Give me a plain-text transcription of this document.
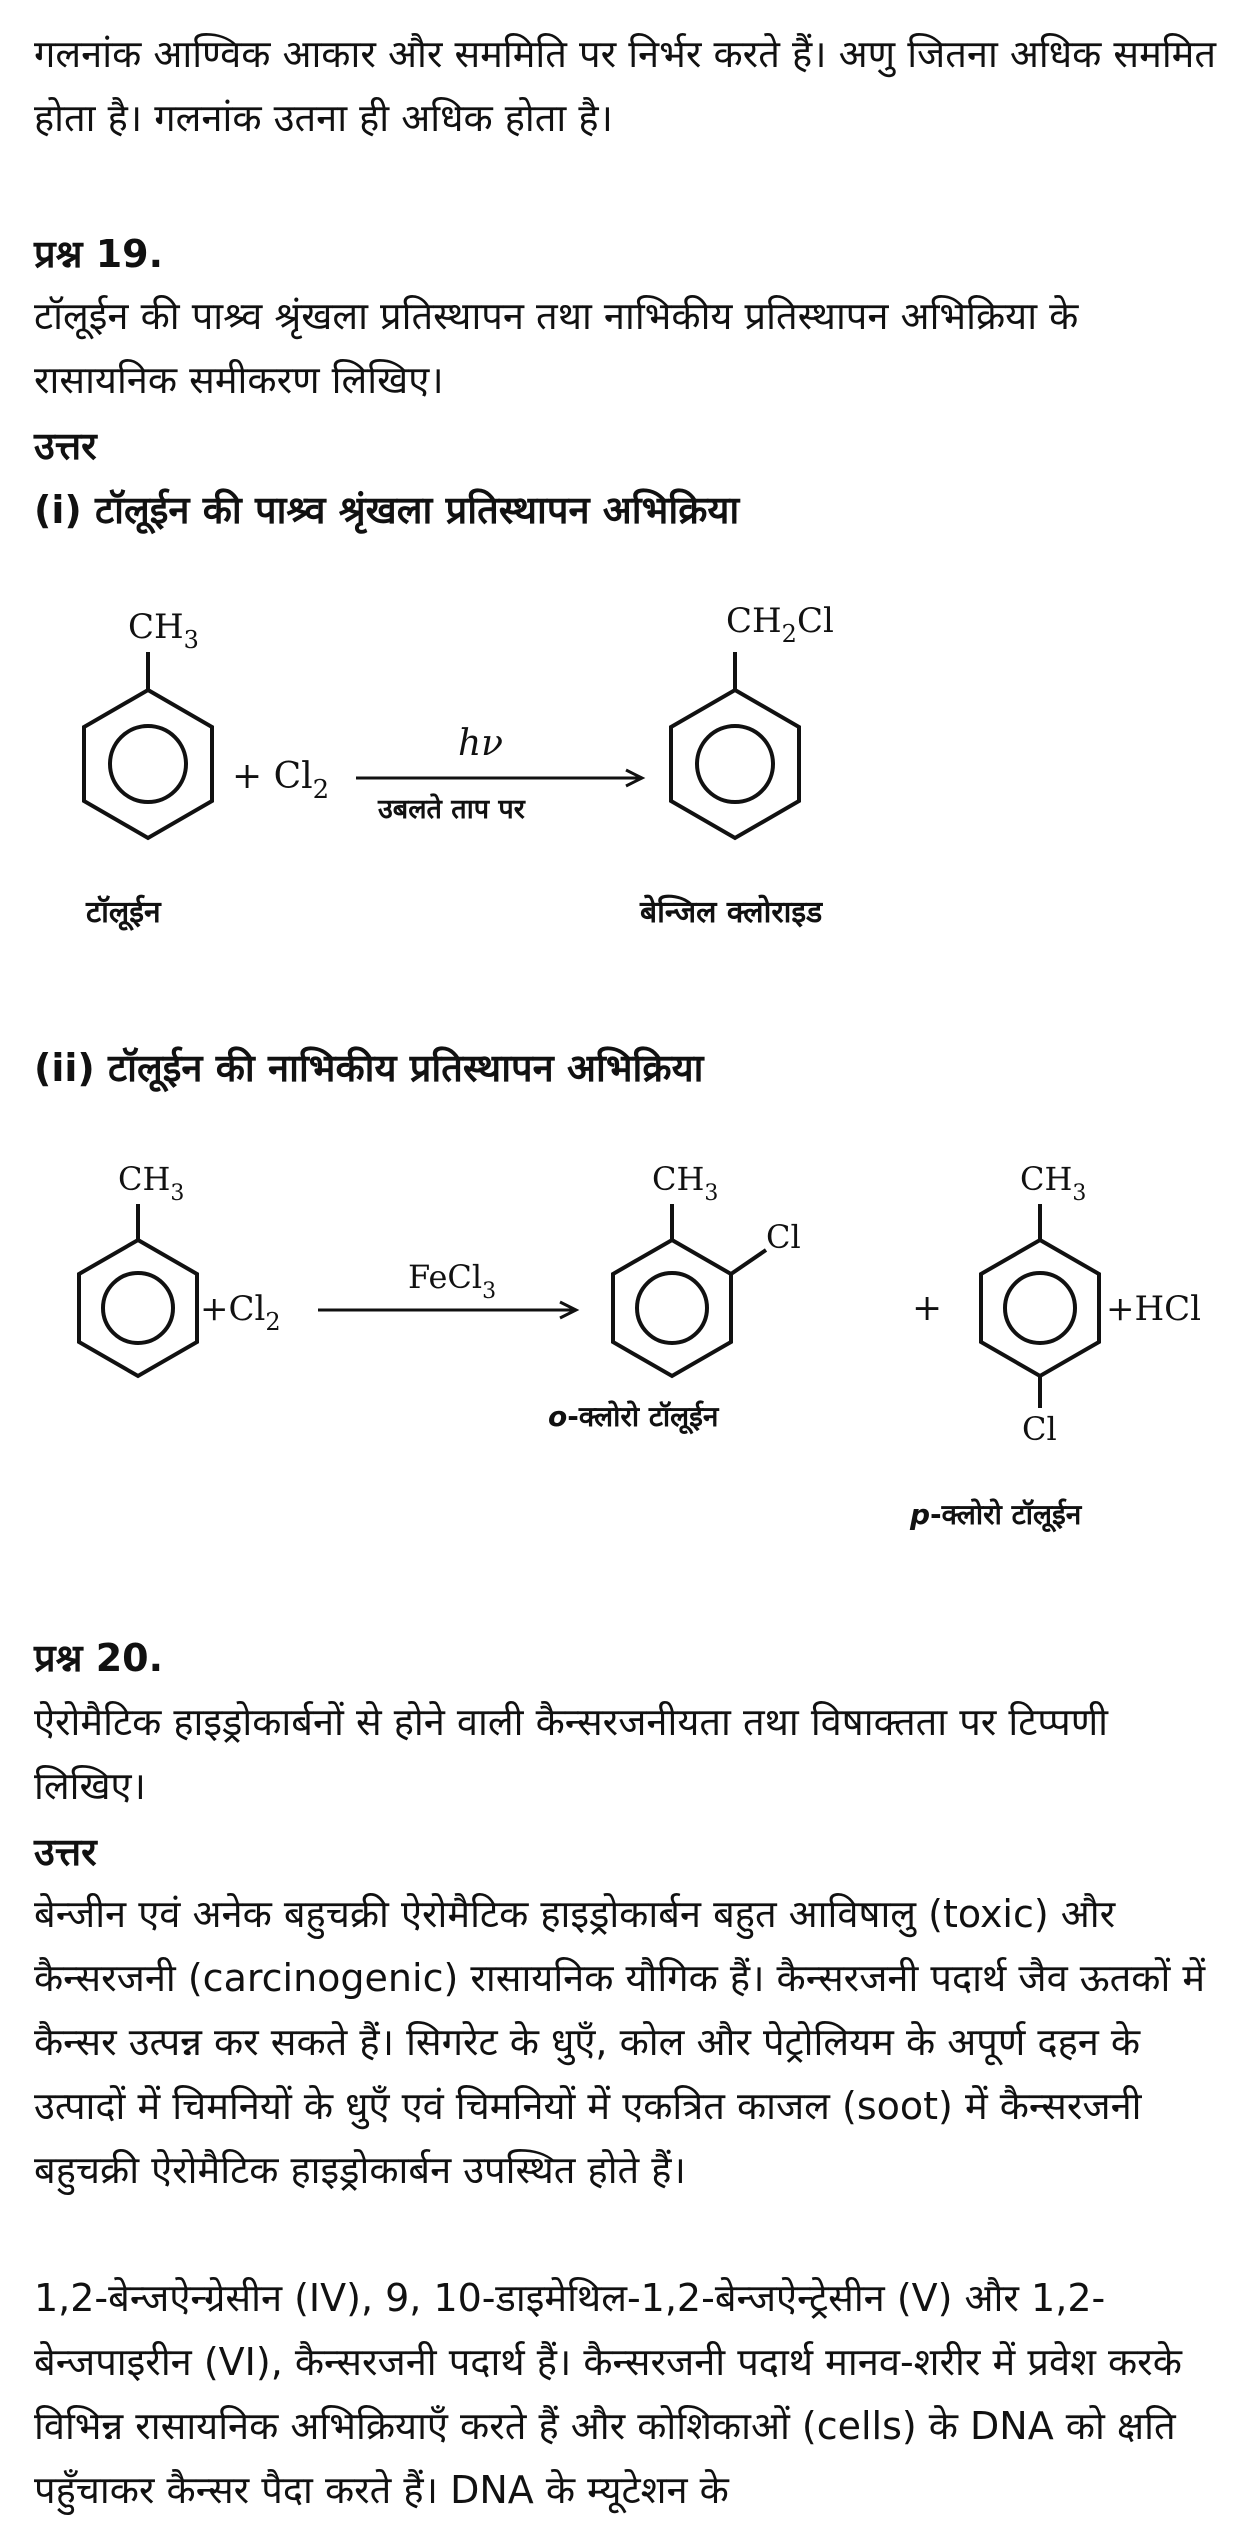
गलनांक आण्विक आकार और सममिति पर निर्भर करते हैं। अणु जितना अधिक सममित होता है। गलनांक उतना ही अधिक होता है।

प्रश्न 19.

टॉलूईन की पाश्र्व श्रृंखला प्रतिस्थापन तथा नाभिकीय प्रतिस्थापन अभिक्रिया के रासायनिक समीकरण लिखिए।

उत्तर

(i) टॉलूईन की पाश्र्व श्रृंखला प्रतिस्थापन अभिक्रिया

$CH_3$
+ $Cl_2$
hν
उबलते ताप पर
$CH_2Cl$
टॉलूईन	बेन्जिल क्लोराइड

(ii) टॉलूईन की नाभिकीय प्रतिस्थापन अभिक्रिया

$CH_3$
$+Cl_2$
FeCl$_3$
$CH_3$
Cl
o-क्लोरो टॉलूईन
+
$CH_3$
Cl
+HCl
p-क्लोरो टॉलूईन

प्रश्न 20.

ऐरोमैटिक हाइड्रोकार्बनों से होने वाली कैन्सरजनीयता तथा विषाक्तता पर टिप्पणी लिखिए।

उत्तर

बेन्जीन एवं अनेक बहुचक्री ऐरोमैटिक हाइड्रोकार्बन बहुत आविषालु (toxic) और कैन्सरजनी (carcinogenic) रासायनिक यौगिक हैं। कैन्सरजनी पदार्थ जैव ऊतकों में कैन्सर उत्पन्न कर सकते हैं। सिगरेट के धुएँ, कोल और पेट्रोलियम के अपूर्ण दहन के उत्पादों में चिमनियों के धुएँ एवं चिमनियों में एकत्रित काजल (soot) में कैन्सरजनी बहुचक्री ऐरोमैटिक हाइड्रोकार्बन उपस्थित होते हैं।

1,2-बेन्जऐन्ग्रेसीन (IV), 9, 10-डाइमेथिल-1,2-बेन्जऐन्ट्रेसीन (V) और 1,2-बेन्जपाइरीन (VI), कैन्सरजनी पदार्थ हैं। कैन्सरजनी पदार्थ मानव-शरीर में प्रवेश करके विभिन्न रासायनिक अभिक्रियाएँ करते हैं और कोशिकाओं (cells) के DNA को क्षति पहुँचाकर कैन्सर पैदा करते हैं। DNA के म्यूटेशन के
